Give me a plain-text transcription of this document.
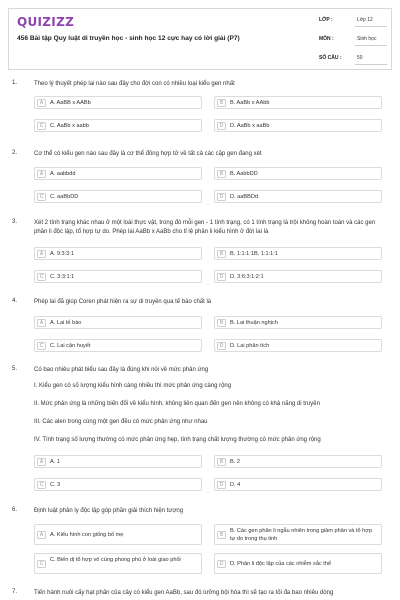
QUIZIZZ
456 Bài tập Quy luật di truyền học - sinh học 12 cực hay có lời giải (P7)
LỚP :	Lớp 12
MÔN :	Sinh học
SỐ CÂU :	50
1.	Theo lý thuyết phép lai nào sau đây cho đời con có nhiều loại kiểu gen nhất
A	A. AaBB x AABb	B	B. AaBb x AAbb
C	C. AaBb x aabb	D	D. AaBb x aaBb
2.	Cơ thể có kiểu gen nào sau đây là cơ thể đồng hợp tử về tất cả các cặp gen đang xét
A	A. aabbdd	B	B. AabbDD
C	C. aaBbDD	D	D. aaBBDd
3.	Xét 2 tính trạng khác nhau ở một loài thực vật, trong đó mỗi gen - 1 tính trạng, có 1 tính trạng là trội không hoàn toàn và các gen phân li độc lập, tổ hợp tự do. Phép lai AaBb x AaBb cho tỉ lệ phân li kiểu hình ở đời lai là
A	A. 9:3:3:1	B	B. 1:1:1:1B. 1:1:1:1
C	C. 3:3:1:1	D	D. 3:6:3:1:2:1
4.	Phép lai đã giúp Coren phát hiện ra sự di truyền qua tế bào chất là
A	A. Lai tế bào	B	B. Lai thuận nghịch
C	C. Lai cận huyết	D	D. Lai phân tích
5.	Có bao nhiêu phát biểu sau đây là đúng khi nói về mức phản ứng
I. Kiểu gen có số lượng kiểu hình càng nhiều thì mức phản ứng càng rộng
II. Mức phản ứng là những biến đổi về kiểu hình, không liên quan đến gen nên không có khả năng di truyền
III. Các alen trong cùng một gen đều có mức phản ứng như nhau
IV. Tính trạng số lượng thường có mức phản ứng hẹp, tính trạng chất lượng thường có mức phản ứng rộng
A	A. 1	B	B. 2
C	C. 3	D	D. 4
6.	Định luật phân ly độc lập góp phần giải thích hiện tượng
A	A. Kiểu hình con giống bố mẹ	B
B. Các gen phân li ngẫu nhiên trong giảm phân và tổ hợp tự do trong thụ tinh
C
C. Biến dị tổ hợp vô cùng phong phú ở loài giao phối
D	D. Phân li độc lập của các nhiễm sắc thể
7.	Tiến hành nuôi cấy hạt phấn của cây có kiểu gen AaBb, sau đó lưỡng bội hóa thì sẽ tạo ra tối đa bao nhiêu dòng
